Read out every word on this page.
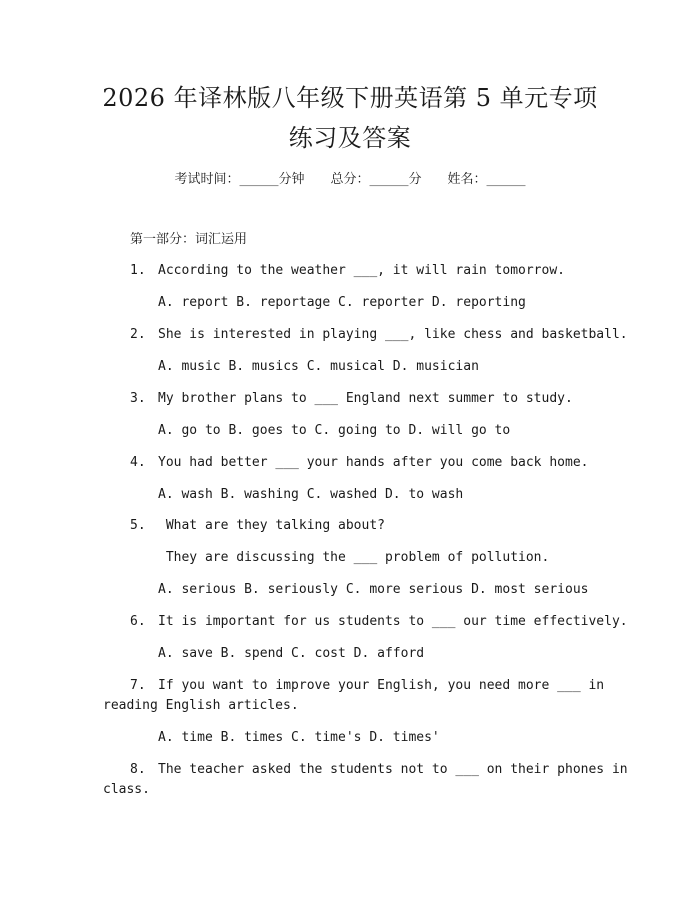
2026 年译林版八年级下册英语第 5 单元专项
练习及答案
考试时间：______分钟 总分：______分 姓名：______
第一部分：词汇运用
1. According to the weather ___, it will rain tomorrow.
A. report B. reportage C. reporter D. reporting
2. She is interested in playing ___, like chess and basketball.
A. music B. musics C. musical D. musician
3. My brother plans to ___ England next summer to study.
A. go to B. goes to C. going to D. will go to
4. You had better ___ your hands after you come back home.
A. wash B. washing C. washed D. to wash
5. What are they talking about?
They are discussing the ___ problem of pollution.
A. serious B. seriously C. more serious D. most serious
6. It is important for us students to ___ our time effectively.
A. save B. spend C. cost D. afford
7. If you want to improve your English, you need more ___ in
reading English articles.
A. time B. times C. time's D. times'
8. The teacher asked the students not to ___ on their phones in
class.
